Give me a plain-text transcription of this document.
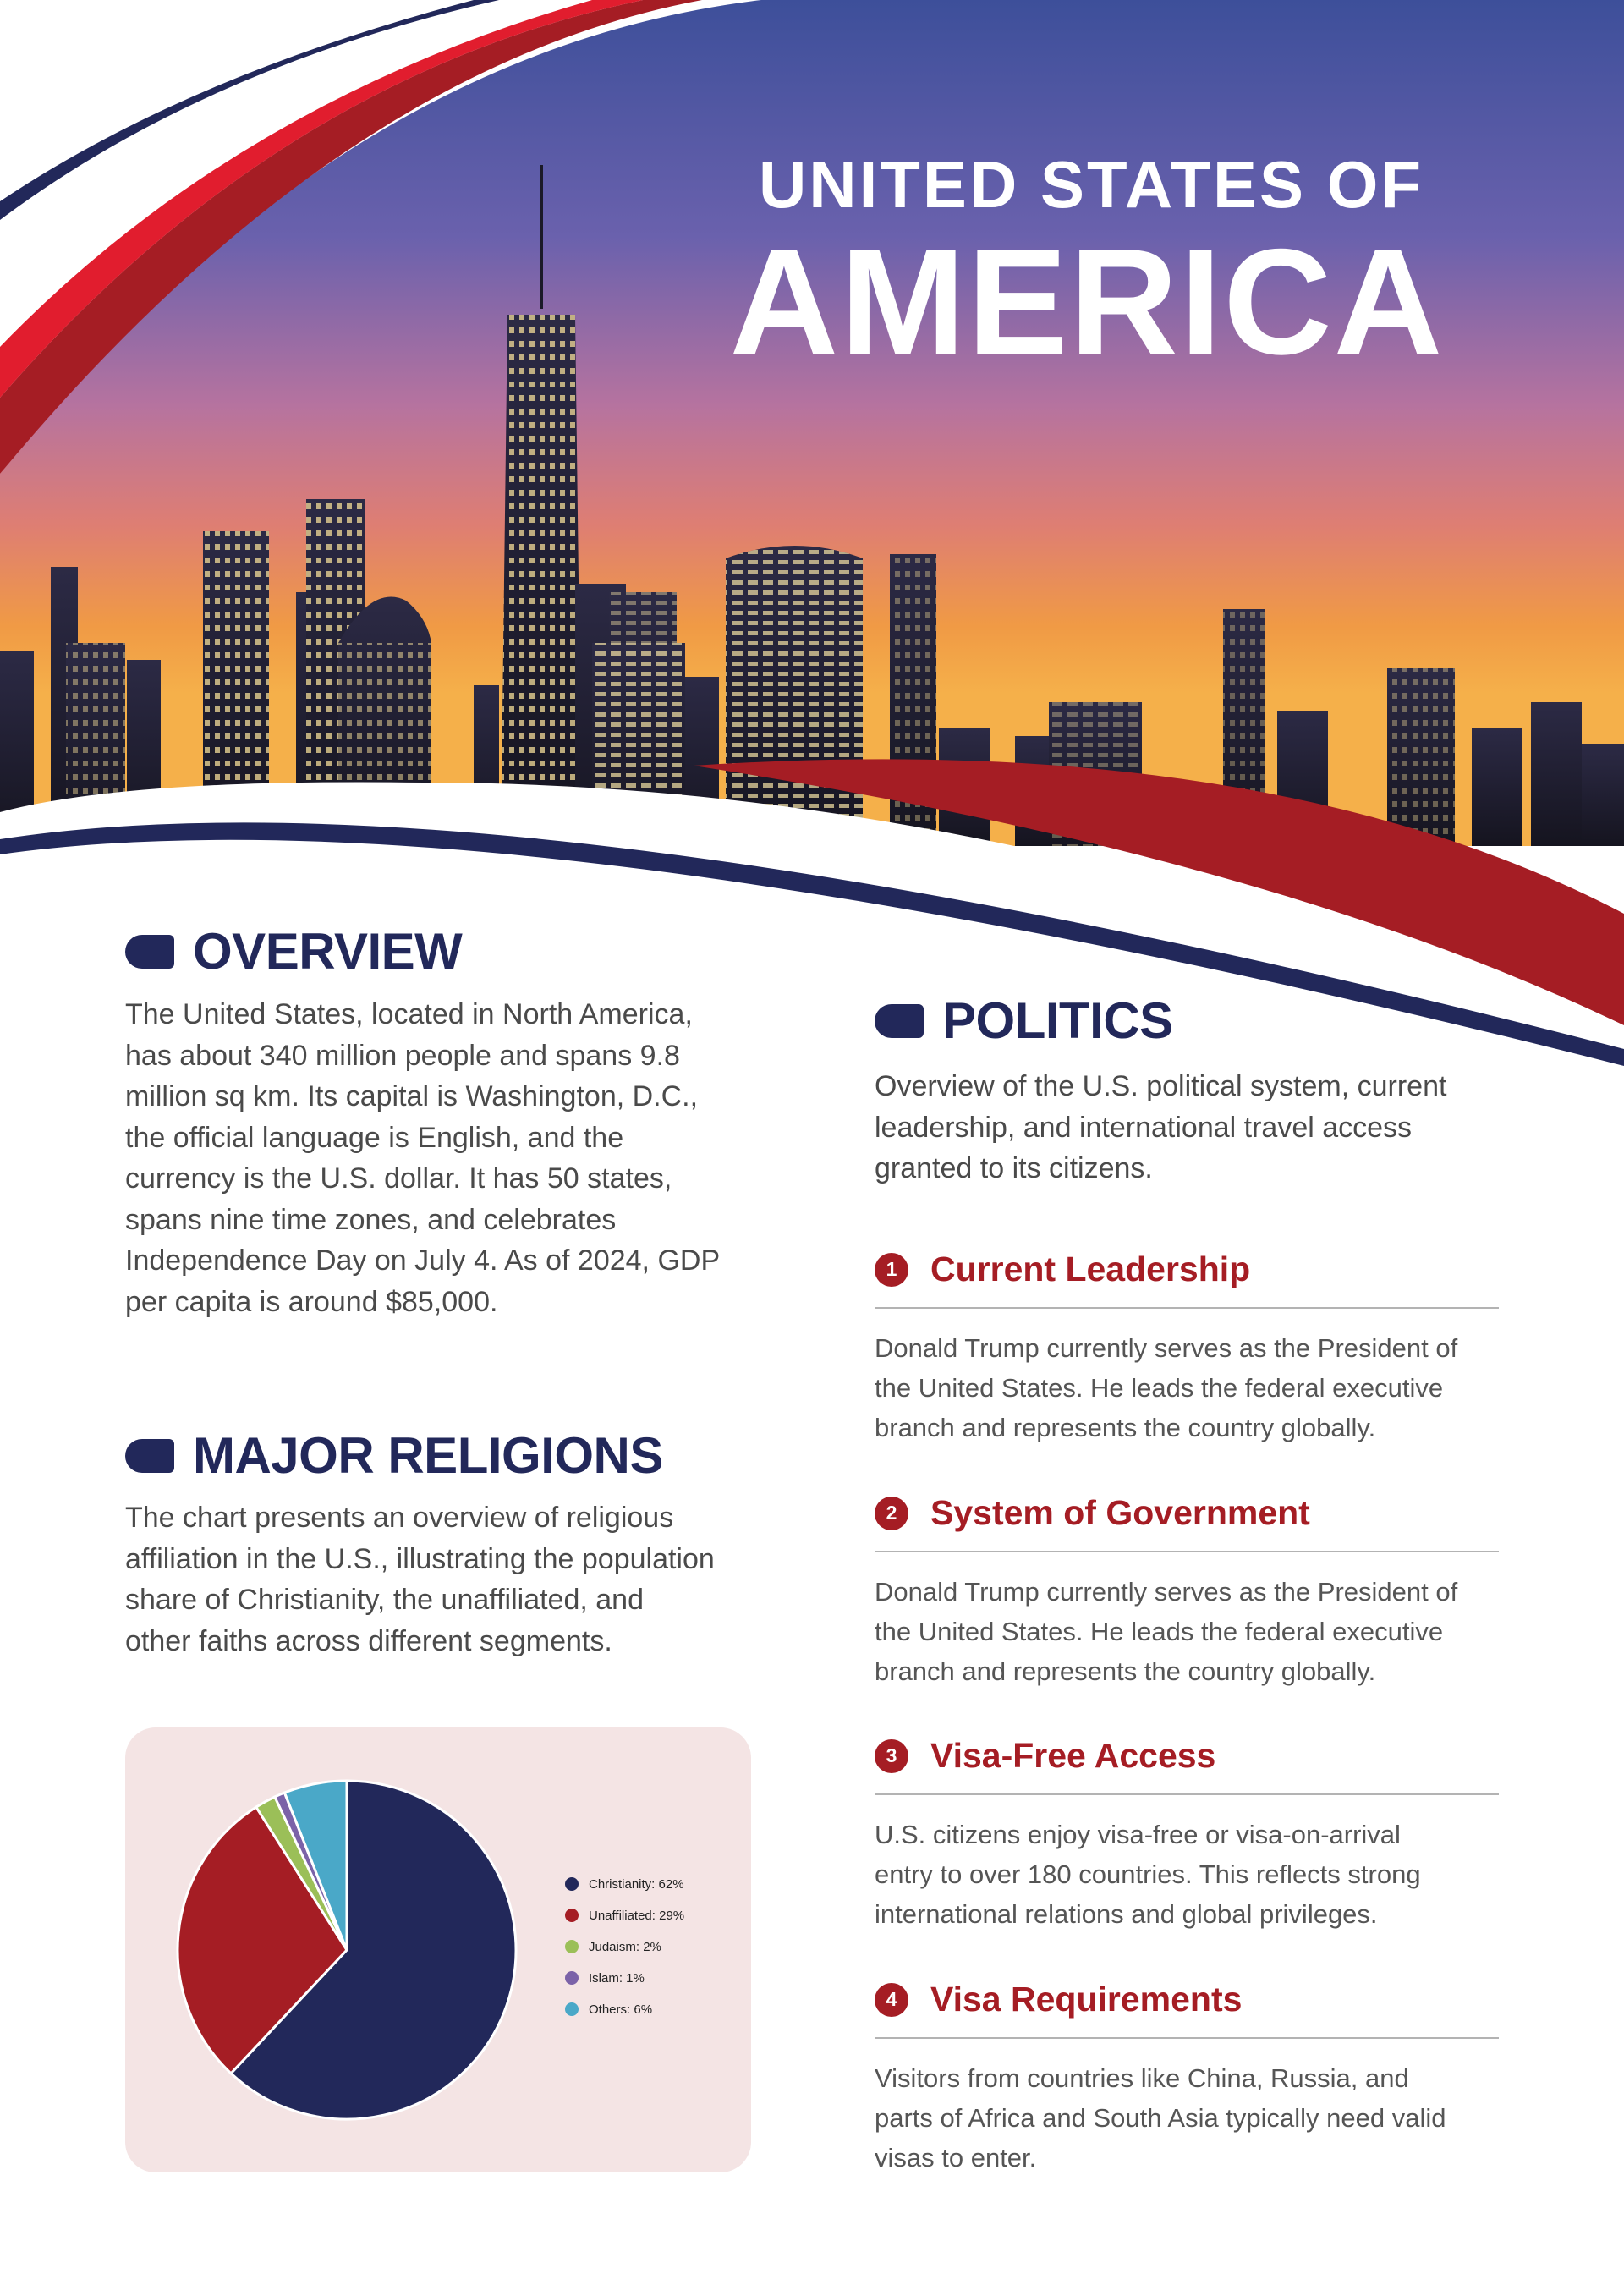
UNITED STATES OF
AMERICA
OVERVIEW
The United States, located in North America,
has about 340 million people and spans 9.8
million sq km. Its capital is Washington, D.C.,
the official language is English, and the
currency is the U.S. dollar. It has 50 states,
spans nine time zones, and celebrates
Independence Day on July 4. As of 2024, GDP
per capita is around $85,000.
MAJOR RELIGIONS
The chart presents an overview of religious
affiliation in the U.S., illustrating the population
share of Christianity, the unaffiliated, and
other faiths across different segments.
Christianity: 62%
Unaffiliated: 29%
Judaism: 2%
Islam: 1%
Others: 6%
POLITICS
Overview of the U.S. political system, current
leadership, and international travel access
granted to its citizens.
1 Current Leadership
Donald Trump currently serves as the President of
the United States. He leads the federal executive
branch and represents the country globally.
2 System of Government
Donald Trump currently serves as the President of
the United States. He leads the federal executive
branch and represents the country globally.
3 Visa-Free Access
U.S. citizens enjoy visa-free or visa-on-arrival
entry to over 180 countries. This reflects strong
international relations and global privileges.
4 Visa Requirements
Visitors from countries like China, Russia, and
parts of Africa and South Asia typically need valid
visas to enter.
